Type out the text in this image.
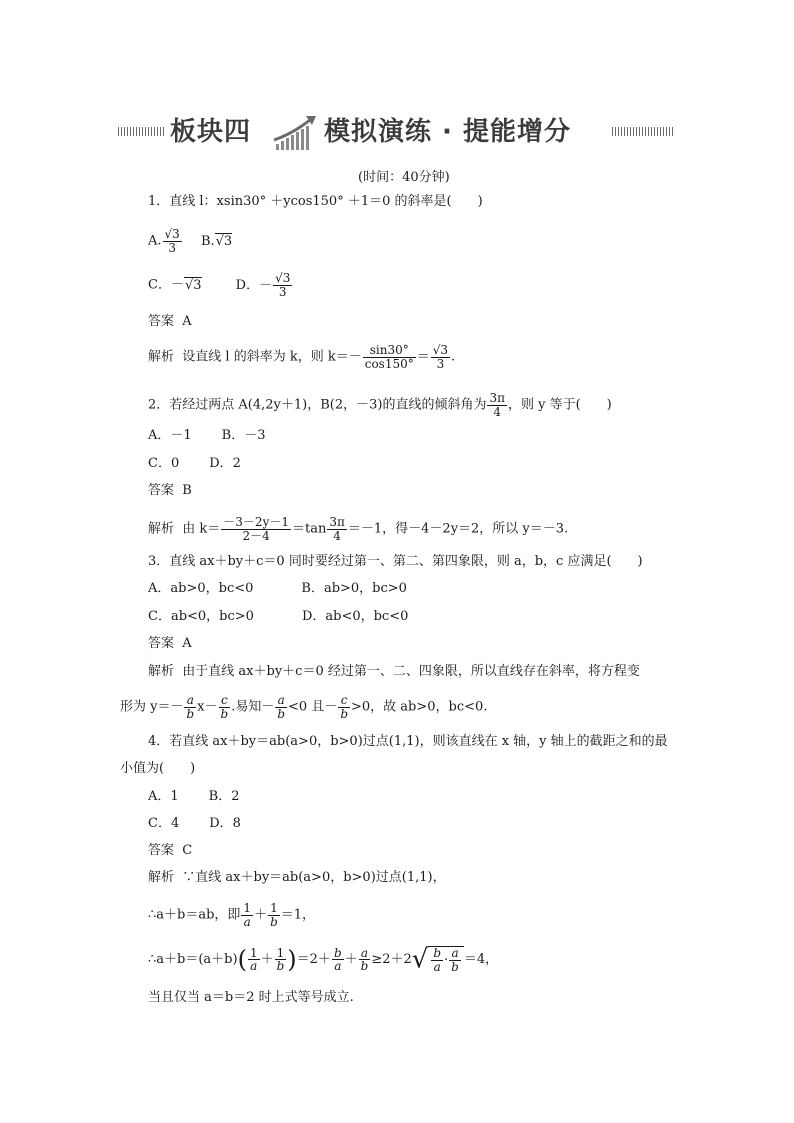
板块四	模拟演练 · 提能增分
(时间：40分钟)
1．直线 l：xsin30° ＋ycos150° ＋1＝0 的斜率是(　　)
A. $\frac{√3}{3} B.√3$
C．－√3	D．－ $\frac{√3}{3}$
答案 A
解析 设直线 l 的斜率为 k，则 $k=- \frac{\sin 30^\circ}{\cos 150^\circ} = \frac{√3}{3}$ .
2．若经过两点 A(4,2y＋1)，B(2，－3)的直线的倾斜角为 $\frac{3\pi}{4}$ ，则 y 等于(　　)
A．－1 B．－3
C．0 D．2
答案 B
解析 由 $k= \frac{-3-2y-1}{2-4} =\tan \frac{3\pi}{4} =-1$，得－4－2y＝2，所以 y＝－3.
3．直线 ax＋by＋c＝0 同时要经过第一、第二、第四象限，则 a，b，c 应满足(　　)
A．ab>0，bc<0	B．ab>0，bc>0
C．ab<0，bc>0	D．ab<0，bc<0
答案 A
解析 由于直线 ax＋by＋c＝0 经过第一、二、四象限，所以直线存在斜率，将方程变
形为 $y=- \frac{a}{b} x- \frac{c}{b}$ .易知－ $\frac{a}{b} <0$ 且－ $\frac{c}{b} >0$，故 ab>0，bc<0.
4．若直线 ax＋by＝ab(a>0，b>0)过点(1,1)，则该直线在 x 轴，y 轴上的截距之和的最
小值为(　　)
A．1 B．2
C．4 D．8
答案 C
解析 ∵直线 ax＋by＝ab(a>0，b>0)过点(1,1)，
∴a＋b＝ab，即 $\frac{1}{a} + \frac{1}{b} =1$，
∴a＋b＝(a＋b)( $\frac{1}{a} + \frac{1}{b} )=2+ \frac{b}{a} + \frac{a}{b} \ge 2+2√ \frac{b}{a} \cdot \frac{a}{b} =4$，
当且仅当 a＝b＝2 时上式等号成立.
